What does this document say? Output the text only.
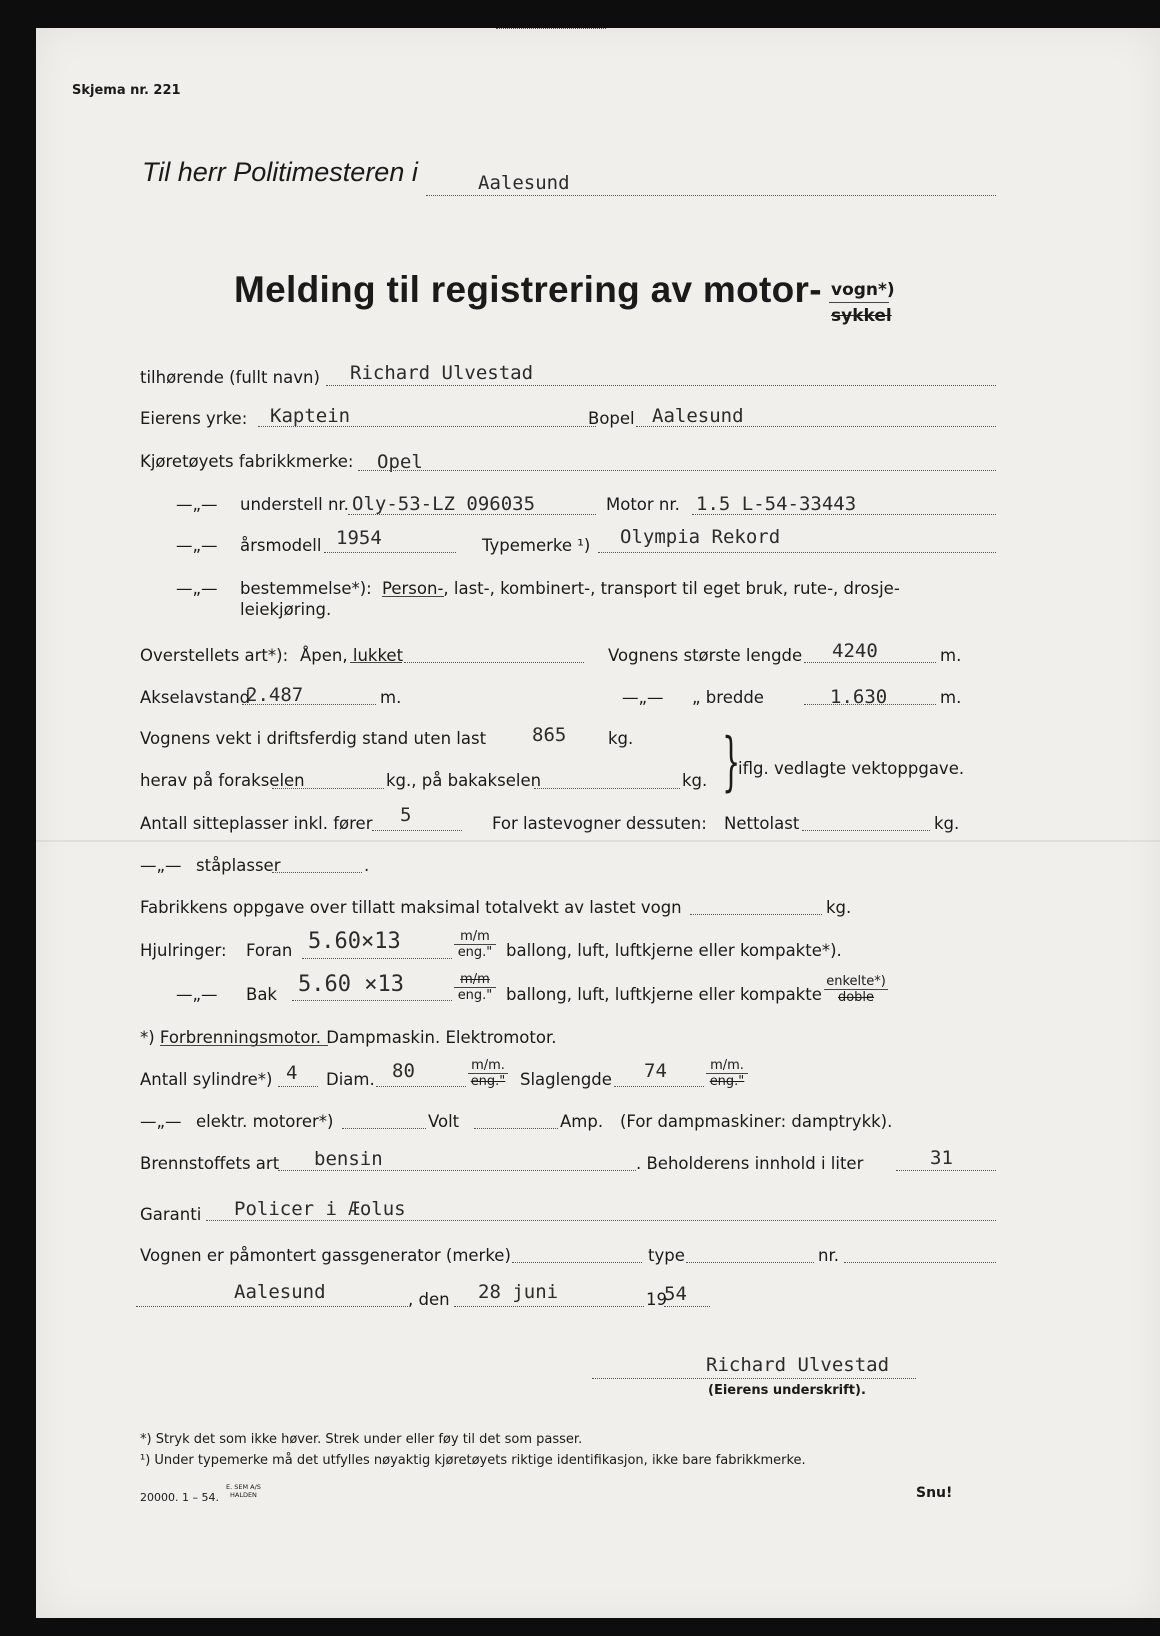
Skjema nr. 221
Til herr Politimesteren i	Aalesund
Melding til registrering av motor- vogn*)
sykkel
tilhørende (fullt navn) Richard Ulvestad
Eierens yrke: Kaptein	Bopel Aalesund
Kjøretøyets fabrikkmerke: Opel
—„— understell nr. Oly-53-LZ 096035	Motor nr. 1.5 L-54-33443
—„— årsmodell 1954	Typemerke ¹) Olympia Rekord
—„— bestemmelse*): Person-, last-, kombinert-, transport til eget bruk, rute-, drosje-
leiekjøring.
Overstellets art*): Åpen, lukket	Vognens største lengde 4240	m.
Akselavstand
2.487	m.	—„— „ bredde	1.630	m.
Vognens vekt i driftsferdig stand uten last 865	kg.
herav på forakselen	kg., på bakakselen	kg. }
iflg. vedlagte vektoppgave.
Antall sitteplasser inkl. fører 5	For lastevogner dessuten: Nettolast	kg.
—„— ståplasser	.
Fabrikkens oppgave over tillatt maksimal totalvekt av lastet vogn	kg.
Hjulringer: Foran 5.60×13	m/m
eng." ballong, luft, luftkjerne eller kompakte*).
—„— Bak 5.60 ×13	m/m
eng." ballong, luft, luftkjerne eller kompakte
enkelte*)
doble
*) Forbrenningsmotor. Dampmaskin. Elektromotor.
Antall sylindre*) 4 Diam. 80	m/m.
eng." Slaglengde 74	m/m.
eng."
—„— elektr. motorer*)	Volt	Amp. (For dampmaskiner: damptrykk).
Brennstoffets art bensin	. Beholderens innhold i liter	31
Garanti Policer i Æolus
Vognen er påmontert gassgenerator (merke)	type	nr.
Aalesund	, den 28 juni	19
54
Richard Ulvestad
(Eierens underskrift).
*) Stryk det som ikke høver. Strek under eller føy til det som passer.
¹) Under typemerke må det utfylles nøyaktig kjøretøyets riktige identifikasjon, ikke bare fabrikkmerke.
20000. 1 – 54.
E. SEM A/S
HALDEN	Snu!
